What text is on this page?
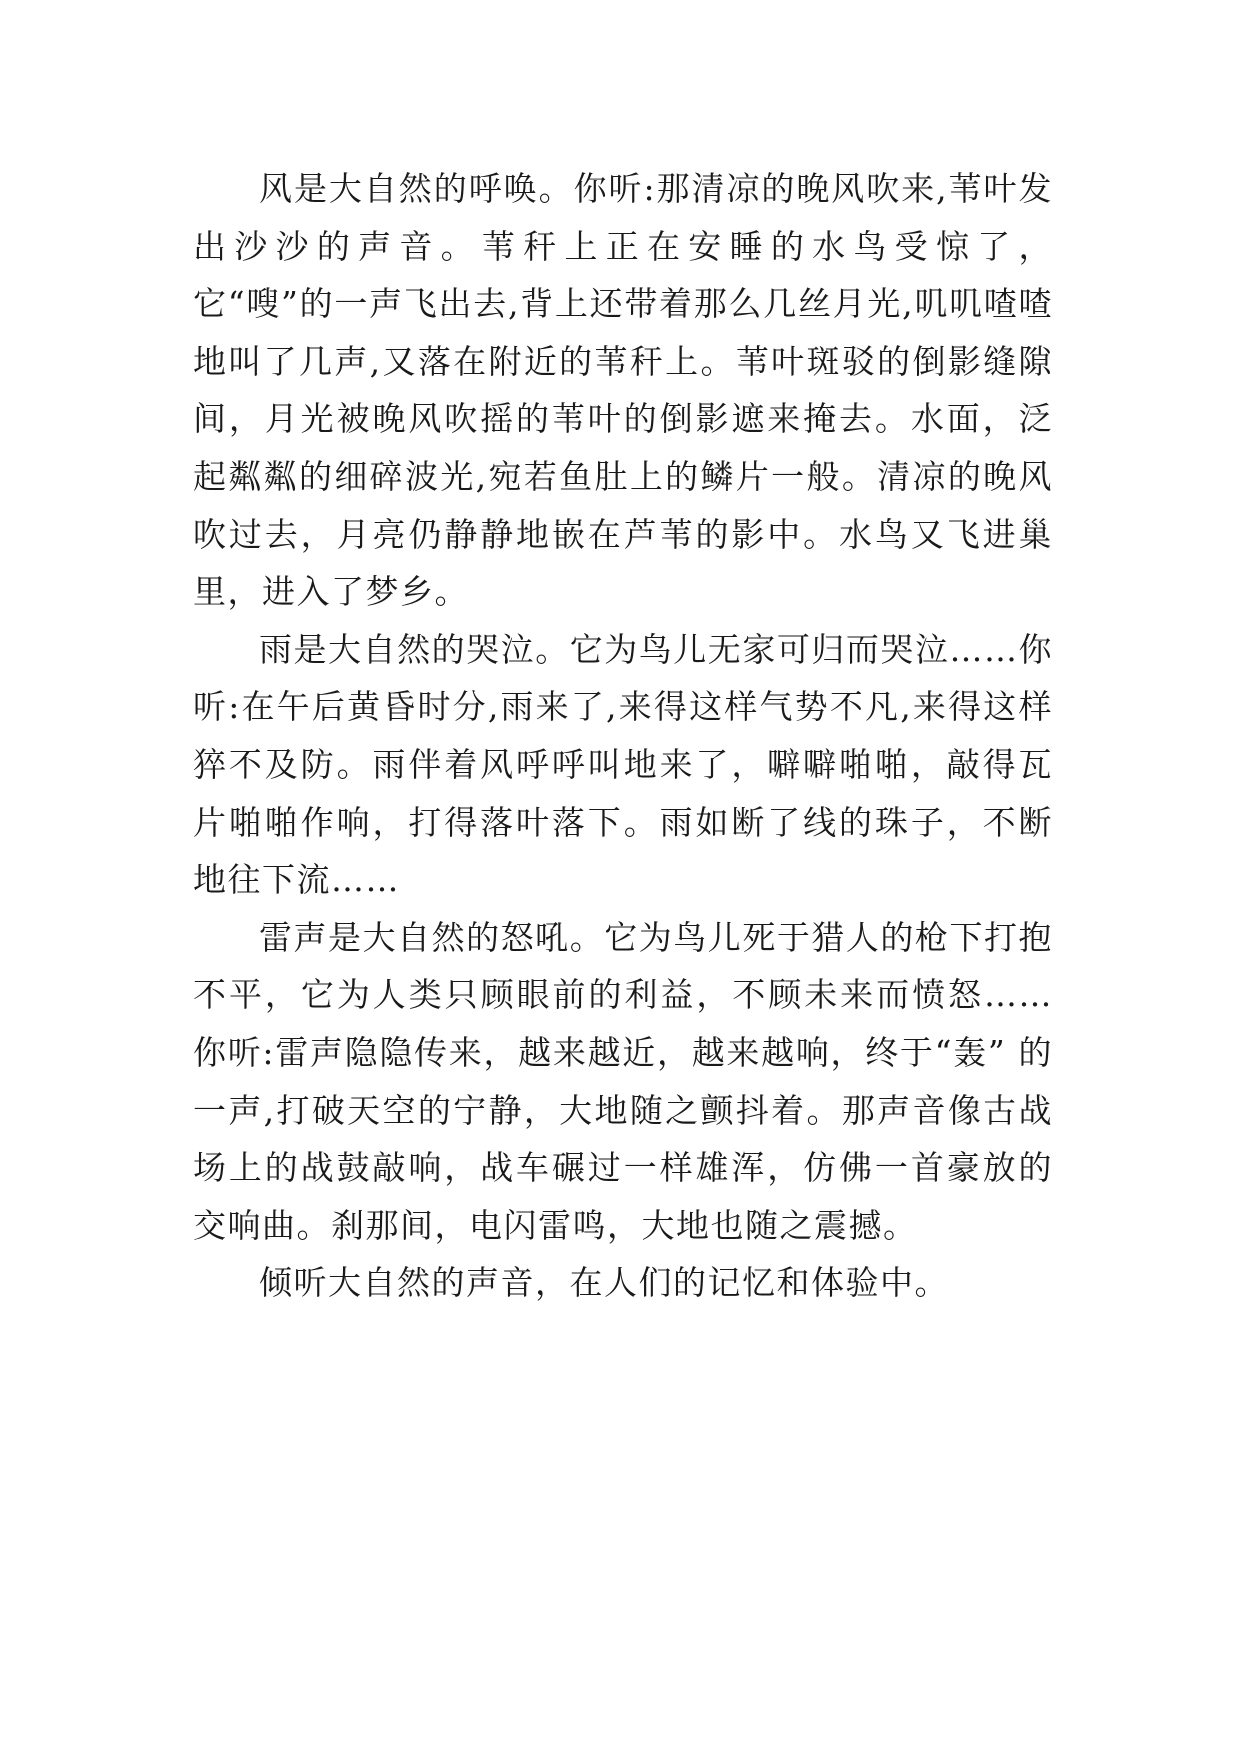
风是大自然的呼唤。你听:那清凉的晚风吹来,苇叶发出沙沙的声音。苇秆上正在安睡的水鸟受惊了，它“嗖”的一声飞出去,背上还带着那么几丝月光,叽叽喳喳地叫了几声,又落在附近的苇秆上。苇叶斑驳的倒影缝隙间，月光被晚风吹摇的苇叶的倒影遮来掩去。水面，泛起粼粼的细碎波光,宛若鱼肚上的鳞片一般。清凉的晚风吹过去，月亮仍静静地嵌在芦苇的影中。水鸟又飞进巢里，进入了梦乡。

雨是大自然的哭泣。它为鸟儿无家可归而哭泣……你听:在午后黄昏时分,雨来了,来得这样气势不凡,来得这样猝不及防。雨伴着风呼呼叫地来了，噼噼啪啪，敲得瓦片啪啪作响，打得落叶落下。雨如断了线的珠子，不断地往下流……

雷声是大自然的怒吼。它为鸟儿死于猎人的枪下打抱不平，它为人类只顾眼前的利益，不顾未来而愤怒……你听:雷声隐隐传来，越来越近，越来越响，终于“轰” 的一声,打破天空的宁静，大地随之颤抖着。那声音像古战场上的战鼓敲响，战车碾过一样雄浑，仿佛一首豪放的交响曲。刹那间，电闪雷鸣，大地也随之震撼。

倾听大自然的声音，在人们的记忆和体验中。
